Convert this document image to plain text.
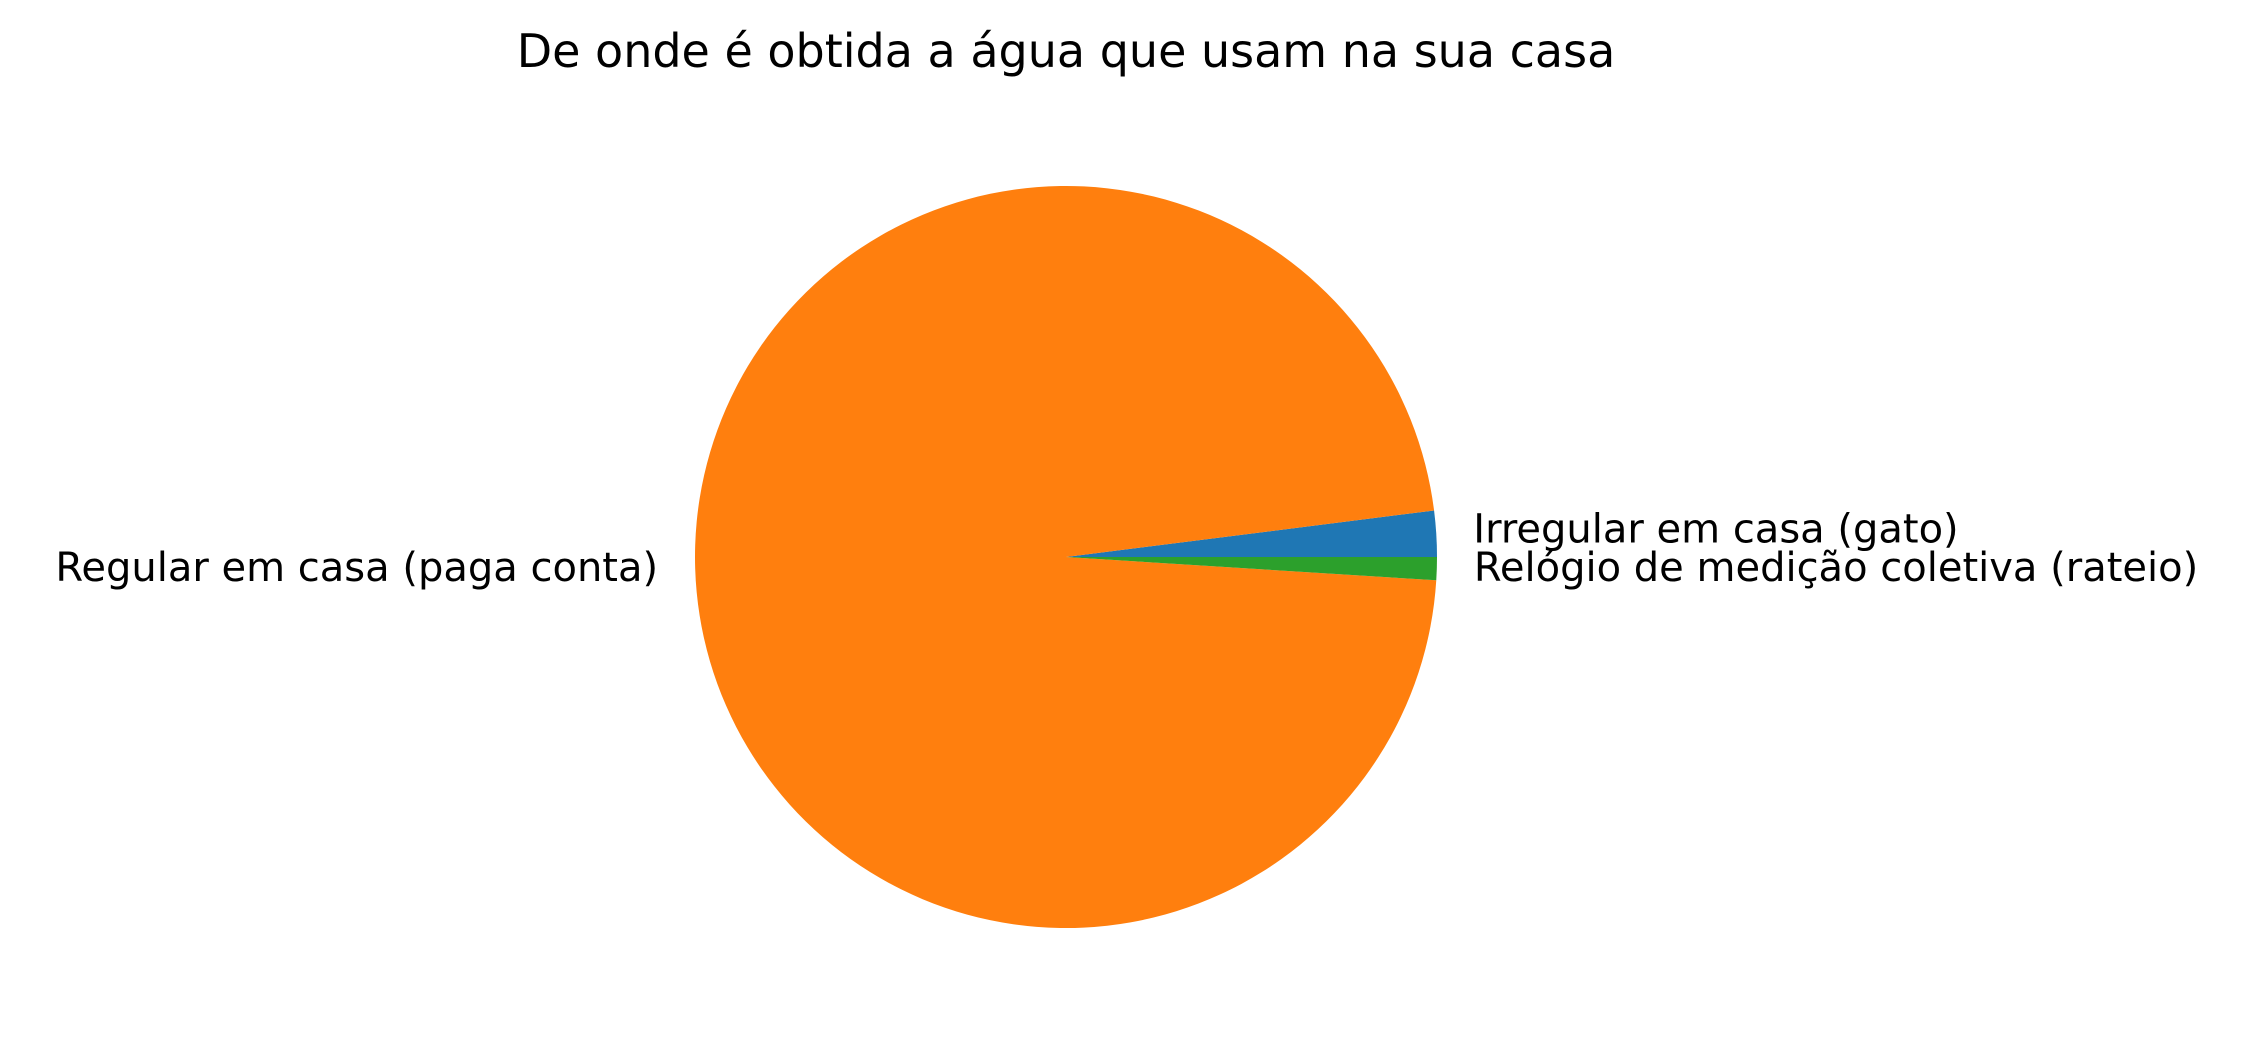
De onde é obtida a água que usam na sua casa
Irregular em casa (gato)
Regular em casa (paga conta)	Relógio de medição coletiva (rateio)
